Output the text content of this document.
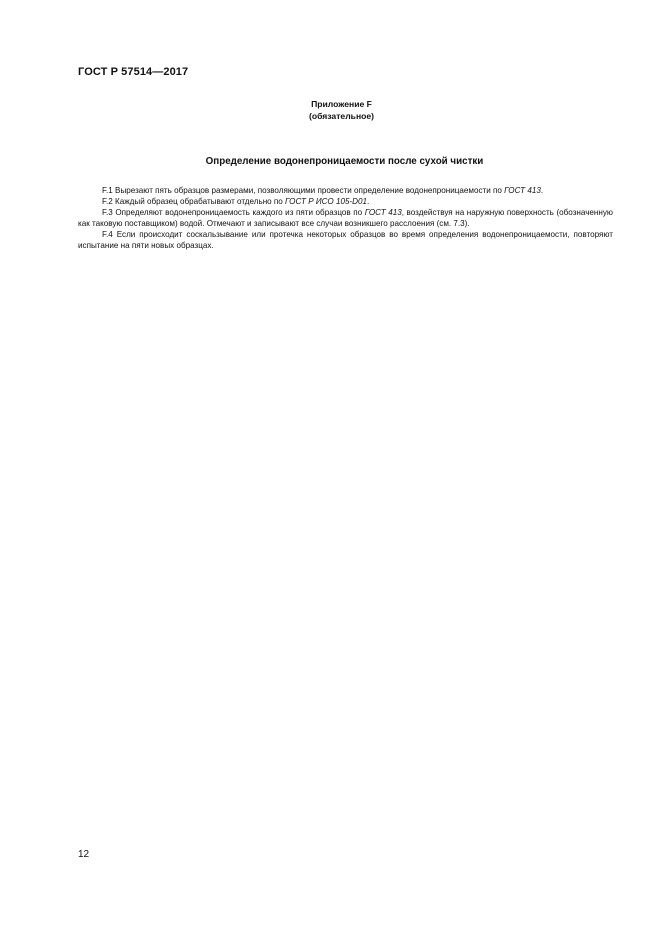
ГОСТ Р 57514—2017
Приложение F
(обязательное)
Определение водонепроницаемости после сухой чистки

F.1 Вырезают пять образцов размерами, позволяющими провести определение водонепроницаемости по ГОСТ 413.

F.2 Каждый образец обрабатывают отдельно по ГОСТ Р ИСО 105-D01.

F.3 Определяют водонепроницаемость каждого из пяти образцов по ГОСТ 413, воздействуя на наружную поверхность (обозначенную как таковую поставщиком) водой. Отмечают и записывают все случаи возникшего расслоения (см. 7.3).

F.4 Если происходит соскальзывание или протечка некоторых образцов во время определения водонепроницаемости, повторяют испытание на пяти новых образцах.

12
